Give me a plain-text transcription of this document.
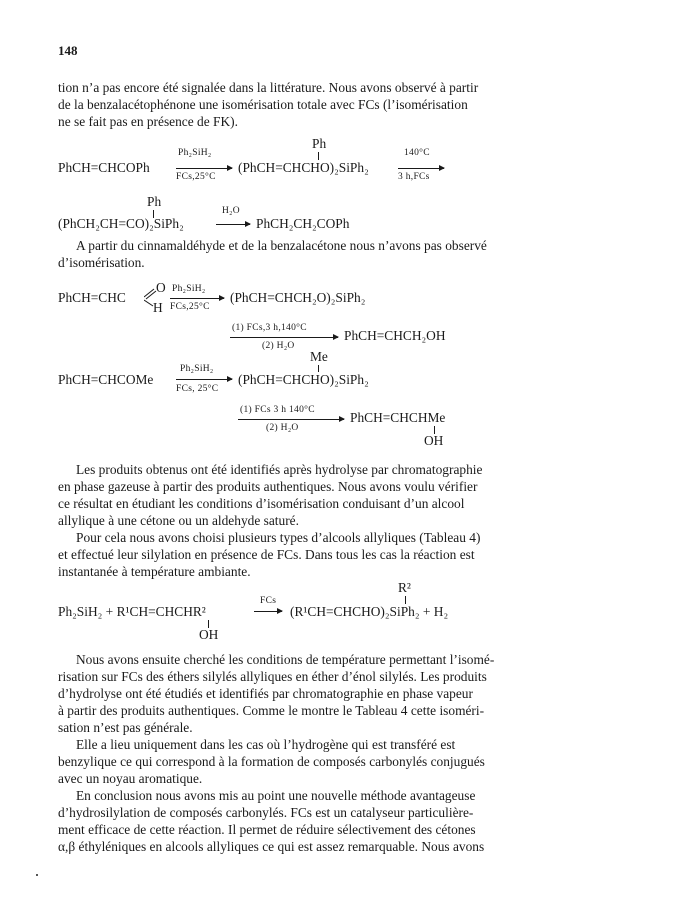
148
tion n’a pas encore été signalée dans la littérature. Nous avons observé à partir
de la benzalacétophénone une isomérisation totale avec FCs (l’isomérisation
ne se fait pas en présence de FK).
Ph
PhCH=CHCOPh
Ph₂SiH₂
FCs,25°C
(PhCH=CHCHO)₂SiPh₂
140°C
3 h,FCs
Ph
(PhCH₂CH=CO)₂SiPh₂
H₂O
PhCH₂CH₂COPh
A partir du cinnamaldéhyde et de la benzalacétone nous n’avons pas observé
d’isomérisation.
PhCH=CHC
O
H
Ph₂SiH₂
FCs,25°C
(PhCH=CHCH₂O)₂SiPh₂
(1) FCs,3 h,140°C
(2) H₂O
PhCH=CHCH₂OH
Me
PhCH=CHCOMe
Ph₂SiH₂
FCs, 25°C
(PhCH=CHCHO)₂SiPh₂
(1) FCs 3 h 140°C
(2) H₂O
PhCH=CHCHMe
OH
Les produits obtenus ont été identifiés après hydrolyse par chromatographie
en phase gazeuse à partir des produits authentiques. Nous avons voulu vérifier
ce résultat en étudiant les conditions d’isomérisation conduisant d’un alcool
allylique à une cétone ou un aldehyde saturé.
Pour cela nous avons choisi plusieurs types d’alcools allyliques (Tableau 4)
et effectué leur silylation en présence de FCs. Dans tous les cas la réaction est
instantanée à température ambiante.
R²
Ph₂SiH₂ + R¹CH=CHCHR²
FCs
(R¹CH=CHCHO)₂SiPh₂ + H₂
OH
Nous avons ensuite cherché les conditions de température permettant l’isomé-
risation sur FCs des éthers silylés allyliques en éther d’énol silylés. Les produits
d’hydrolyse ont été étudiés et identifiés par chromatographie en phase vapeur
à partir des produits authentiques. Comme le montre le Tableau 4 cette isoméri-
sation n’est pas générale.
Elle a lieu uniquement dans les cas où l’hydrogène qui est transféré est
benzylique ce qui correspond à la formation de composés carbonylés conjugués
avec un noyau aromatique.
En conclusion nous avons mis au point une nouvelle méthode avantageuse
d’hydrosilylation de composés carbonylés. FCs est un catalyseur particulière-
ment efficace de cette réaction. Il permet de réduire sélectivement des cétones
α,β éthyléniques en alcools allyliques ce qui est assez remarquable. Nous avons
